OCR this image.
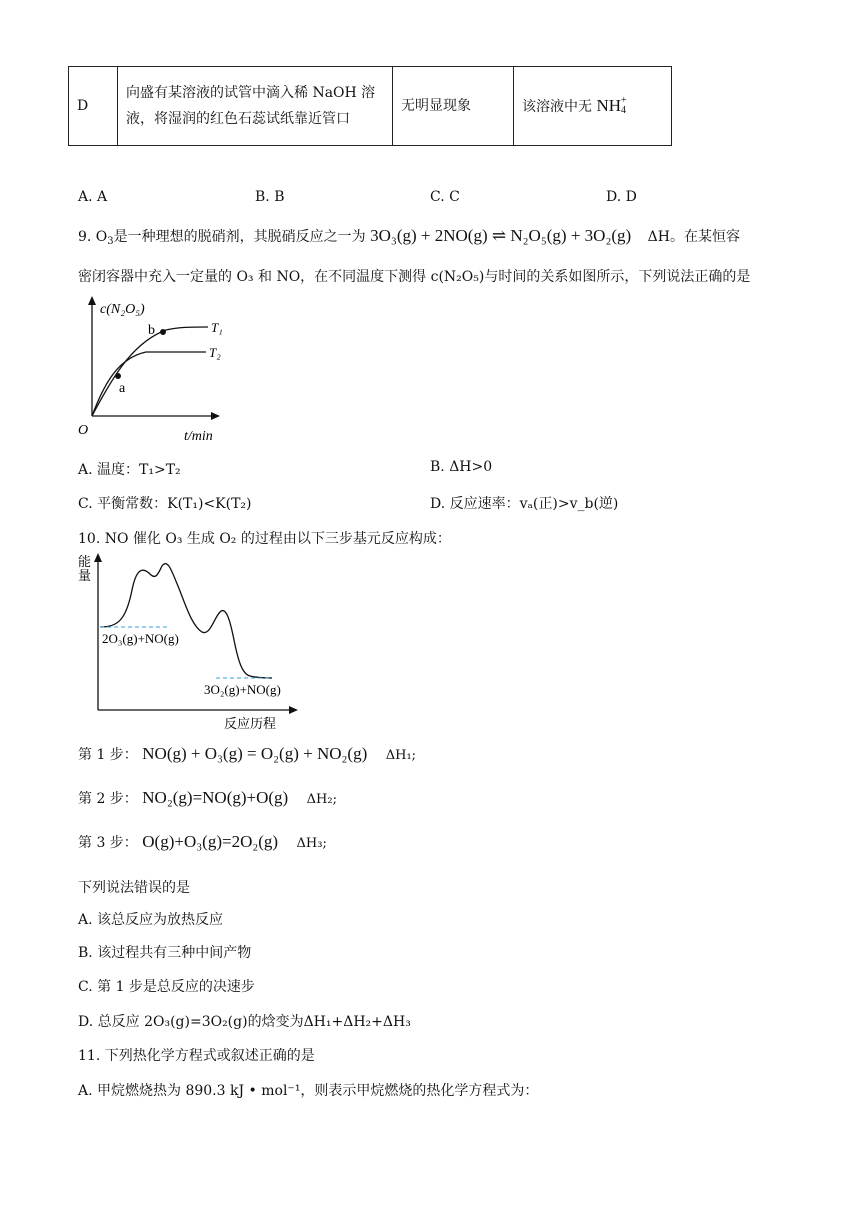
D	
向盛有某溶液的试管中滴入稀 NaOH 溶
液，将湿润的红色石蕊试纸靠近管口
	无明显现象	该溶液中无 NH +
4
A. A	B. B	C. C	D. D
9. $O_3$是一种理想的脱硝剂，其脱硝反应之一为 3O₃(g) + 2NO(g) ⇌ N₂O₅(g) + 3O₂(g) ΔH。在某恒容
密闭容器中充入一定量的 O₃ 和 NO，在不同温度下测得 c(N₂O₅)与时间的关系如图所示，下列说法正确的是
c(N₂O₅)
t/min
O
T₁
T₂
a
b
A. 温度：T₁>T₂	B. ΔH>0
C. 平衡常数：K(T₁)<K(T₂)	D. 反应速率：vₐ(正)>v_b(逆)
10. NO 催化 O₃ 生成 O₂ 的过程由以下三步基元反应构成：
能
量
2O₃(g)+NO(g)
3O₂(g)+NO(g)
反应历程
第 1 步： NO(g) + O₃(g) = O₂(g) + NO₂(g) ΔH₁;
第 2 步： NO₂(g)=NO(g)+O(g) ΔH₂;
第 3 步： O(g)+O₃(g)=2O₂(g) ΔH₃;
下列说法错误的是
A. 该总反应为放热反应
B. 该过程共有三种中间产物
C. 第 1 步是总反应的决速步
D. 总反应 2O₃(g)=3O₂(g)的焓变为ΔH₁+ΔH₂+ΔH₃
11. 下列热化学方程式或叙述正确的是
A. 甲烷燃烧热为 890.3 kJ • mol⁻¹，则表示甲烷燃烧的热化学方程式为：
